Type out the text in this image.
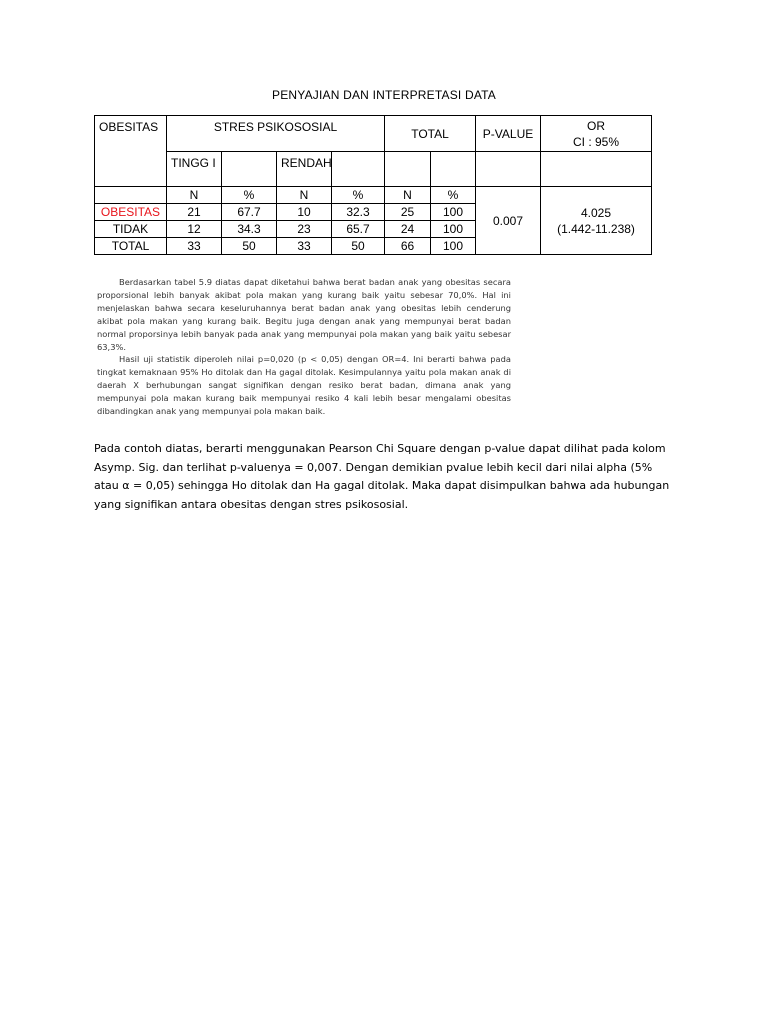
PENYAJIAN DAN INTERPRETASI DATA
OBESITAS	STRES PSIKOSOSIAL				TOTAL		P-VALUE	OR
CI : 95%

	TINGG I		RENDAH					
	N	%	N	%	N	%	0.007	4.025
(1.442-11.238)

OBESITAS	21	67.7	10	32.3	25	100		
TIDAK	12	34.3	23	65.7	24	100		
TOTAL	33	50	33	50	66	100		

Berdasarkan tabel 5.9 diatas dapat diketahui bahwa berat badan anak yang obesitas secara proporsional lebih banyak akibat pola makan yang kurang baik yaitu sebesar 70,0%. Hal ini menjelaskan bahwa secara keseluruhannya berat badan anak yang obesitas lebih cenderung akibat pola makan yang kurang baik. Begitu juga dengan anak yang mempunyai berat badan normal proporsinya lebih banyak pada anak yang mempunyai pola makan yang baik yaitu sebesar 63,3%.

Hasil uji statistik diperoleh nilai p=0,020 (p < 0,05) dengan OR=4. Ini berarti bahwa pada tingkat kemaknaan 95% Ho ditolak dan Ha gagal ditolak. Kesimpulannya yaitu pola makan anak di daerah X berhubungan sangat signifikan dengan resiko berat badan, dimana anak yang mempunyai pola makan kurang baik mempunyai resiko 4 kali lebih besar mengalami obesitas dibandingkan anak yang mempunyai pola makan baik.

Pada contoh diatas, berarti menggunakan Pearson Chi Square dengan p-value dapat dilihat pada kolom Asymp. Sig. dan terlihat p-valuenya = 0,007. Dengan demikian pvalue lebih kecil dari nilai alpha (5% atau α = 0,05) sehingga Ho ditolak dan Ha gagal ditolak. Maka dapat disimpulkan bahwa ada hubungan yang signifikan antara obesitas dengan stres psikososial.
